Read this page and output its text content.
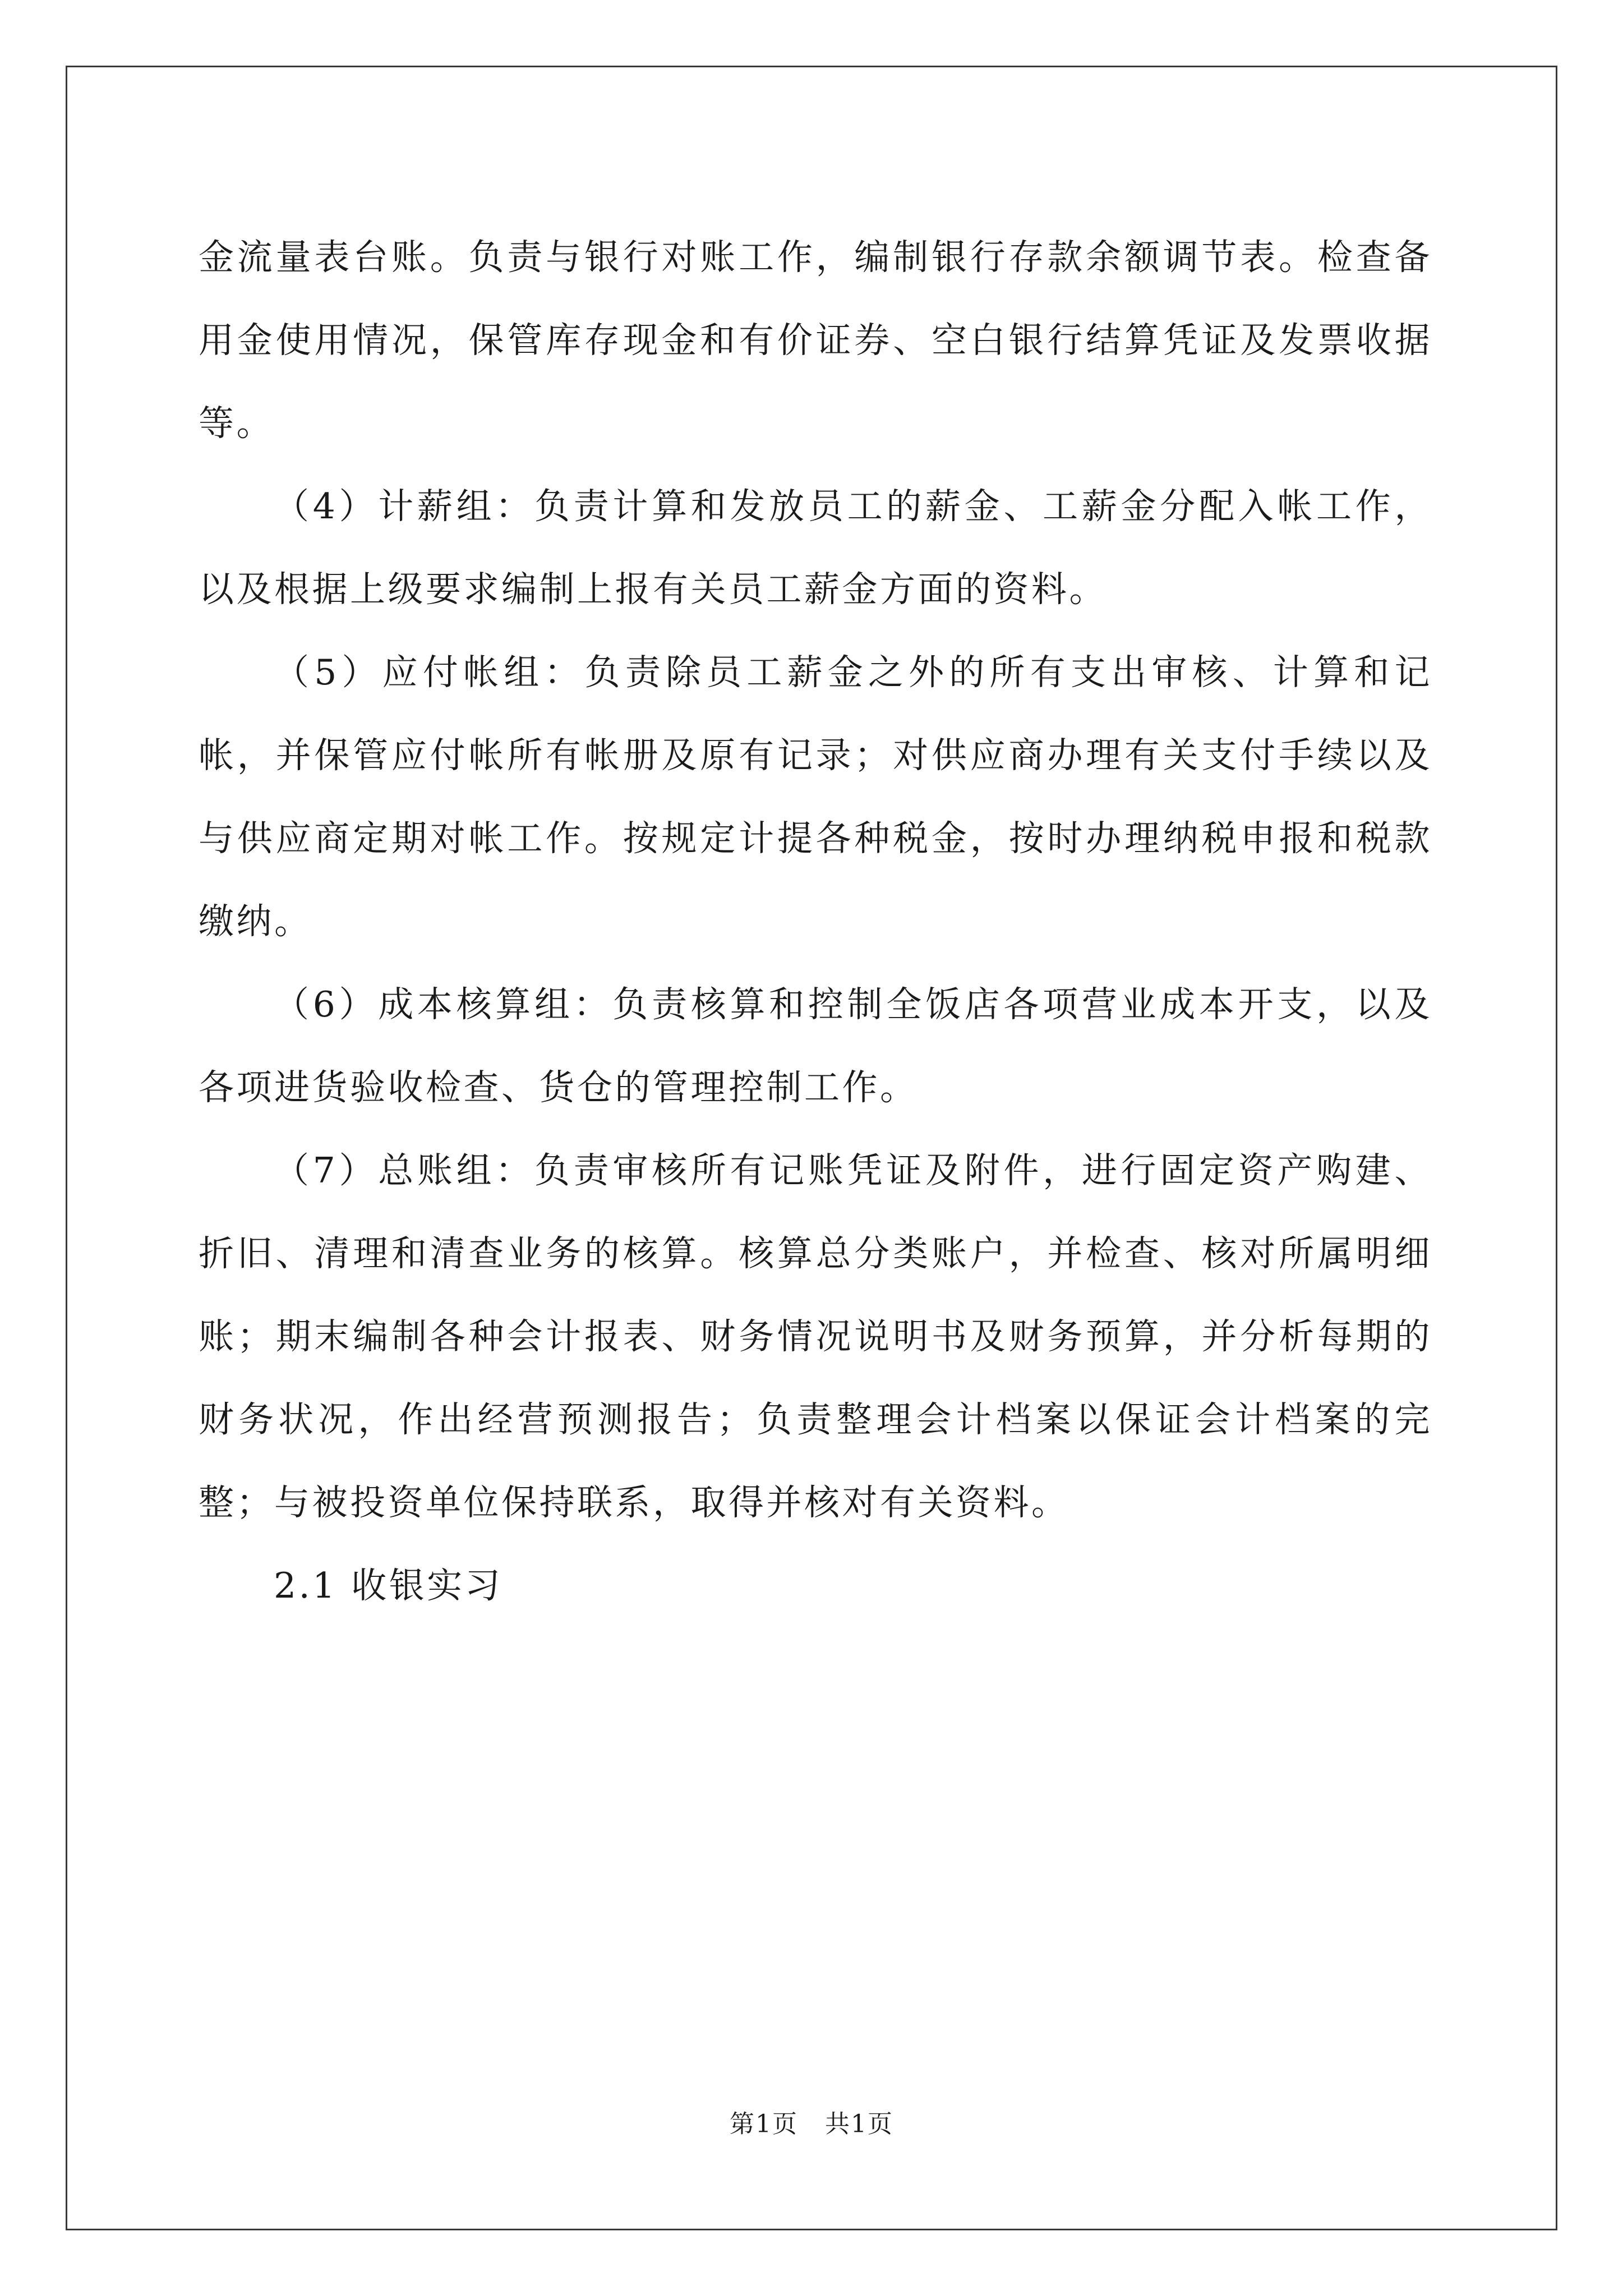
金流量表台账。负责与银行对账工作，编制银行存款余额调节表。检查备用金使用情况，保管库存现金和有价证券、空白银行结算凭证及发票收据等。

（4）计薪组：负责计算和发放员工的薪金、工薪金分配入帐工作，以及根据上级要求编制上报有关员工薪金方面的资料。

（5）应付帐组：负责除员工薪金之外的所有支出审核、计算和记帐，并保管应付帐所有帐册及原有记录；对供应商办理有关支付手续以及与供应商定期对帐工作。按规定计提各种税金，按时办理纳税申报和税款缴纳。

（6）成本核算组：负责核算和控制全饭店各项营业成本开支，以及各项进货验收检查、货仓的管理控制工作。

（7）总账组：负责审核所有记账凭证及附件，进行固定资产购建、折旧、清理和清查业务的核算。核算总分类账户，并检查、核对所属明细账；期末编制各种会计报表、财务情况说明书及财务预算，并分析每期的财务状况，作出经营预测报告；负责整理会计档案以保证会计档案的完整；与被投资单位保持联系，取得并核对有关资料。

2.1 收银实习

第1页 共1页
